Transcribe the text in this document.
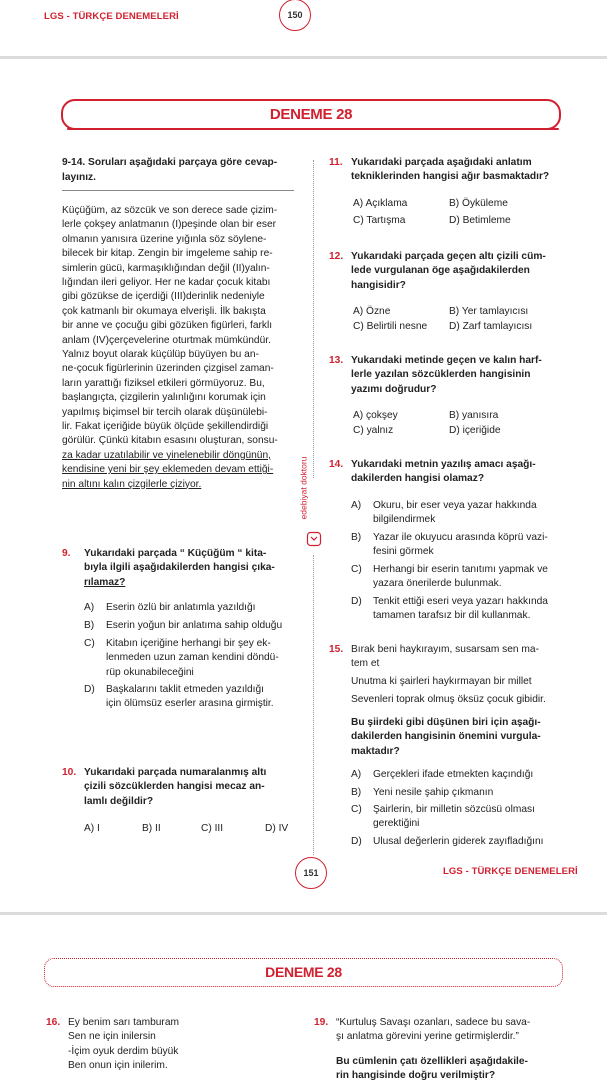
LGS - TÜRKÇE DENEMELERİ	150
DENEME 28
9-14. Soruları aşağıdaki parçaya göre cevap-
layınız.
Küçüğüm, az sözcük ve son derece sade çizim-
lerle çokşey anlatmanın (I)peşinde olan bir eser
olmanın yanısıra üzerine yığınla söz söylene-
bilecek bir kitap. Zengin bir imgeleme sahip re-
simlerin gücü, karmaşıklığından değil (II)yalın-
lığından ileri geliyor. Her ne kadar çocuk kitabı
gibi gözükse de içerdiği (III)derinlik nedeniyle
çok katmanlı bir okumaya elverişli. İlk bakışta
bir anne ve çocuğu gibi gözüken figürleri, farklı
anlam (IV)çerçevelerine oturtmak mümkündür.
Yalnız boyut olarak küçülüp büyüyen bu an-
ne-çocuk figürlerinin üzerinden çizgisel zaman-
ların yarattığı fiziksel etkileri görmüyoruz. Bu,
başlangıçta, çizgilerin yalınlığını korumak için
yapılmış biçimsel bir tercih olarak düşünülebi-
lir. Fakat içeriğide büyük ölçüde şekillendirdiği
görülür. Çünkü kitabın esasını oluşturan, sonsu-
za kadar uzatılabilir ve yinelenebilir döngünün,
kendisine yeni bir şey eklemeden devam ettiği-
nin altını kalın çizgilerle çiziyor.	edebiyat doktoru
9. Yukarıdaki parçada “ Küçüğüm “ kita-
bıyla ilgili aşağıdakilerden hangisi çıka-
rılamaz?
A) Eserin özlü bir anlatımla yazıldığı
B) Eserin yoğun bir anlatıma sahip olduğu
C) Kitabın içeriğine herhangi bir şey ek-
lenmeden uzun zaman kendini döndü-
rüp okunabileceğini
D) Başkalarını taklit etmeden yazıldığı
için ölümsüz eserler arasına girmiştir.
10. Yukarıdaki parçada numaralanmış altı
çizili sözcüklerden hangisi mecaz an-
lamlı değildir?
A) I	B) II	C) III	D) IV
11. Yukarıdaki parçada aşağıdaki anlatım
tekniklerinden hangisi ağır basmaktadır?
A) Açıklama	B) Öyküleme
C) Tartışma	D) Betimleme
12. Yukarıdaki parçada geçen altı çizili cüm-
lede vurgulanan öge aşağıdakilerden
hangisidir?
A) Özne	B) Yer tamlayıcısı
C) Belirtili nesne D) Zarf tamlayıcısı
13. Yukarıdaki metinde geçen ve kalın harf-
lerle yazılan sözcüklerden hangisinin
yazımı doğrudur?
A) çokşey	B) yanısıra
C) yalnız	D) içeriğide
14. Yukarıdaki metnin yazılış amacı aşağı-
dakilerden hangisi olamaz?
A) Okuru, bir eser veya yazar hakkında
bilgilendirmek
B) Yazar ile okuyucu arasında köprü vazi-
fesini görmek
C) Herhangi bir eserin tanıtımı yapmak ve
yazara önerilerde bulunmak.
D) Tenkit ettiği eseri veya yazarı hakkında
tamamen tarafsız bir dil kullanmak.
15. Bırak beni haykırayım, susarsam sen ma-
tem et
Unutma ki şairleri haykırmayan bir millet
Sevenleri toprak olmuş öksüz çocuk gibidir.
Bu şiirdeki gibi düşünen biri için aşağı-
dakilerden hangisinin önemini vurgula-
maktadır?
A) Gerçekleri ifade etmekten kaçındığı
B) Yeni nesile şahip çıkmanın
C) Şairlerin, bir milletin sözcüsü olması
gerektiğini
D) Ulusal değerlerin giderek zayıfladığını
151	LGS - TÜRKÇE DENEMELERİ
DENEME 28
16. Ey benim sarı tamburam
Sen ne için inilersin
-İçim oyuk derdim büyük
Ben onun için inilerim.
19. “Kurtuluş Savaşı ozanları, sadece bu sava-
şı anlatma görevini yerine getirmişlerdir.”
Bu cümlenin çatı özellikleri aşağıdakile-
rin hangisinde doğru verilmiştir?
